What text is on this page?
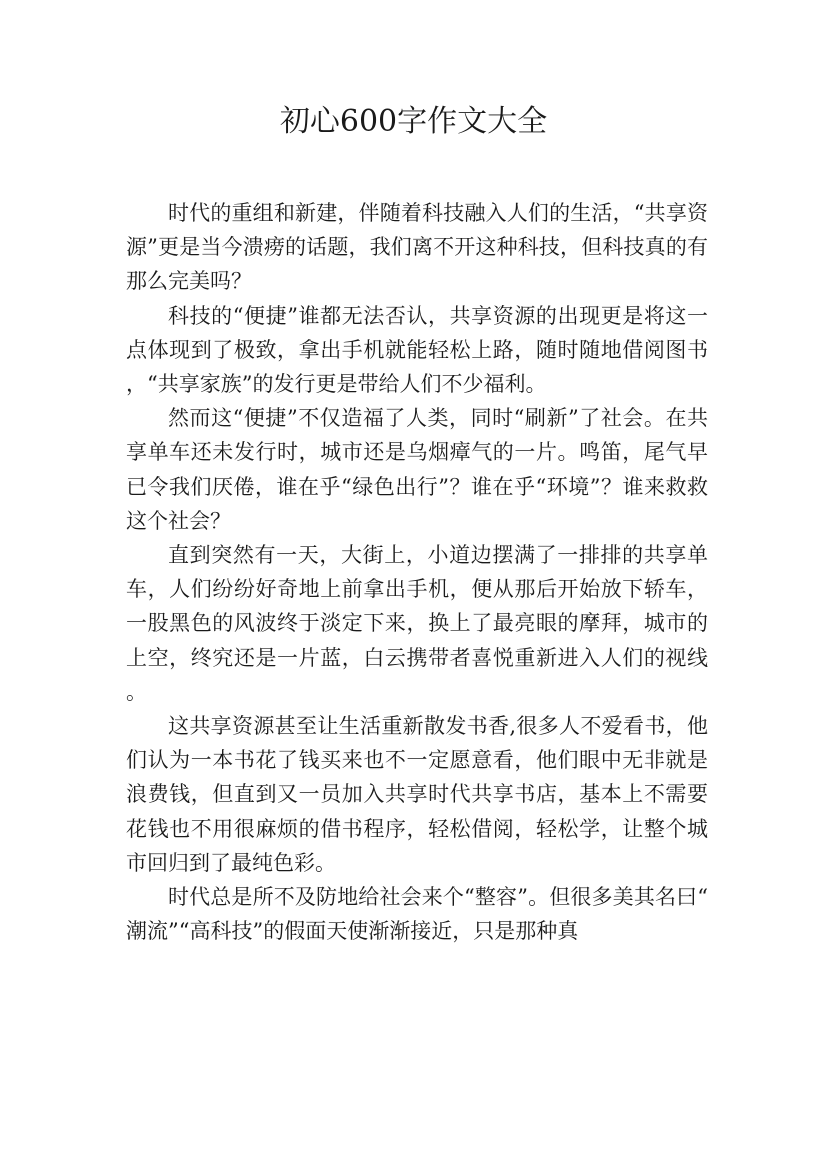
初心600字作文大全

时代的重组和新建，伴随着科技融入人们的生活，“共享资源”更是当今溃痨的话题，我们离不开这种科技，但科技真的有那么完美吗？

科技的“便捷”谁都无法否认，共享资源的出现更是将这一点体现到了极致，拿出手机就能轻松上路，随时随地借阅图书，“共享家族”的发行更是带给人们不少福利。

然而这“便捷”不仅造福了人类，同时“刷新”了社会。在共享单车还未发行时，城市还是乌烟瘴气的一片。鸣笛，尾气早已令我们厌倦，谁在乎“绿色出行”？谁在乎“环境”？谁来救救这个社会？

直到突然有一天，大街上，小道边摆满了一排排的共享单车，人们纷纷好奇地上前拿出手机，便从那后开始放下轿车，一股黑色的风波终于淡定下来，换上了最亮眼的摩拜，城市的上空，终究还是一片蓝，白云携带者喜悦重新进入人们的视线。

这共享资源甚至让生活重新散发书香,很多人不爱看书，他们认为一本书花了钱买来也不一定愿意看，他们眼中无非就是浪费钱，但直到又一员加入共享时代共享书店，基本上不需要花钱也不用很麻烦的借书程序，轻松借阅，轻松学，让整个城市回归到了最纯色彩。

时代总是所不及防地给社会来个“整容”。但很多美其名曰“潮流”“高科技”的假面天使渐渐接近，只是那种真
